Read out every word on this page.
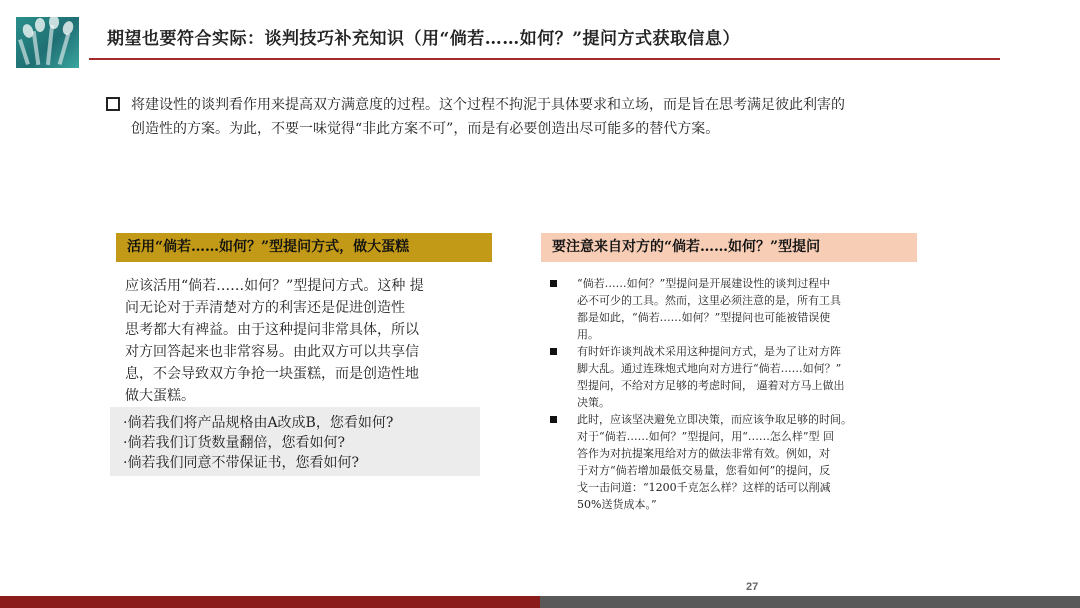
期望也要符合实际：谈判技巧补充知识（用“倘若……如何？”提问方式获取信息）
将建设性的谈判看作用来提高双方满意度的过程。这个过程不拘泥于具体要求和立场，而是旨在思考满足彼此利害的
创造性的方案。为此，不要一味觉得“非此方案不可”，而是有必要创造出尽可能多的替代方案。
活用“倘若……如何？”型提问方式，做大蛋糕	要注意来自对方的“倘若……如何？”型提问
应该活用“倘若……如何？”型提问方式。这种 提
问无论对于弄清楚对方的利害还是促进创造性
思考都大有裨益。由于这种提问非常具体，所以
对方回答起来也非常容易。由此双方可以共享信
息，不会导致双方争抢一块蛋糕，而是创造性地
做大蛋糕。
·倘若我们将产品规格由A改成B，您看如何?
·倘若我们订货数量翻倍，您看如何?
·倘若我们同意不带保证书，您看如何?
“倘若……如何？”型提问是开展建设性的谈判过程中
必不可少的工具。然而，这里必须注意的是，所有工具
都是如此，“倘若……如何？”型提问也可能被错误使
用。
有时奸诈谈判战术采用这种提问方式，是为了让对方阵
脚大乱。通过连珠炮式地向对方进行“倘若……如何？”
型提问，不给对方足够的考虑时间， 逼着对方马上做出
决策。
此时，应该坚决避免立即决策，而应该争取足够的时间。
对于“倘若……如何？”型提问，用“……怎么样”型 回
答作为对抗提案甩给对方的做法非常有效。例如，对
于对方“倘若增加最低交易量，您看如何”的提问，反
戈一击问道：“1200千克怎么样？这样的话可以削减
50%送货成本。”
27
